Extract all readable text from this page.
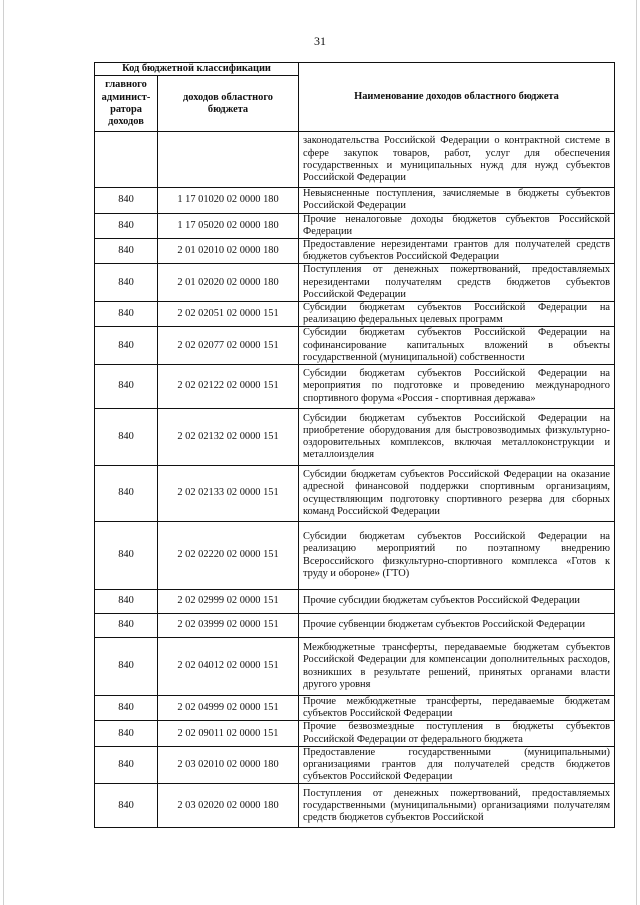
31
Код бюджетной классификации		Наименование доходов областного бюджета
главного админист-ратора доходов	доходов областного бюджета	
		законодательства Российской Федерации о контрактной системе в сфере закупок товаров, работ, услуг для обеспечения государственных и муниципальных нужд для нужд субъектов Российской Федерации
840	1 17 01020 02 0000 180	Невыясненные поступления, зачисляемые в бюджеты субъектов Российской Федерации
840	1 17 05020 02 0000 180	Прочие неналоговые доходы бюджетов субъектов Российской Федерации
840	2 01 02010 02 0000 180	Предоставление нерезидентами грантов для получателей средств бюджетов субъектов Российской Федерации
840	2 01 02020 02 0000 180	Поступления от денежных пожертвований, предоставляемых нерезидентами получателям средств бюджетов субъектов Российской Федерации
840	2 02 02051 02 0000 151	Субсидии бюджетам субъектов Российской Федерации на реализацию федеральных целевых программ
840	2 02 02077 02 0000 151	Субсидии бюджетам субъектов Российской Федерации на софинансирование капитальных вложений в объекты государственной (муниципальной) собственности
840	2 02 02122 02 0000 151	Субсидии бюджетам субъектов Российской Федерации на мероприятия по подготовке и проведению международного спортивного форума «Россия - спортивная держава»
840	2 02 02132 02 0000 151	Субсидии бюджетам субъектов Российской Федерации на приобретение оборудования для быстровозводимых физкультурно-оздоровительных комплексов, включая металлоконструкции и металлоизделия
840	2 02 02133 02 0000 151	Субсидии бюджетам субъектов Российской Федерации на оказание адресной финансовой поддержки спортивным организациям, осуществляющим подготовку спортивного резерва для сборных команд Российской Федерации
840	2 02 02220 02 0000 151	Субсидии бюджетам субъектов Российской Федерации на реализацию мероприятий по поэтапному внедрению Всероссийского физкультурно-спортивного комплекса «Готов к труду и обороне» (ГТО)
840	2 02 02999 02 0000 151	Прочие субсидии бюджетам субъектов Российской Федерации
840	2 02 03999 02 0000 151	Прочие субвенции бюджетам субъектов Российской Федерации
840	2 02 04012 02 0000 151	Межбюджетные трансферты, передаваемые бюджетам субъектов Российской Федерации для компенсации дополнительных расходов, возникших в результате решений, принятых органами власти другого уровня
840	2 02 04999 02 0000 151	Прочие межбюджетные трансферты, передаваемые бюджетам субъектов Российской Федерации
840	2 02 09011 02 0000 151	Прочие безвозмездные поступления в бюджеты субъектов Российской Федерации от федерального бюджета
840	2 03 02010 02 0000 180	Предоставление государственными (муниципальными) организациями грантов для получателей средств бюджетов субъектов Российской Федерации
840	2 03 02020 02 0000 180	Поступления от денежных пожертвований, предоставляемых государственными (муниципальными) организациями получателям средств бюджетов субъектов Российской
